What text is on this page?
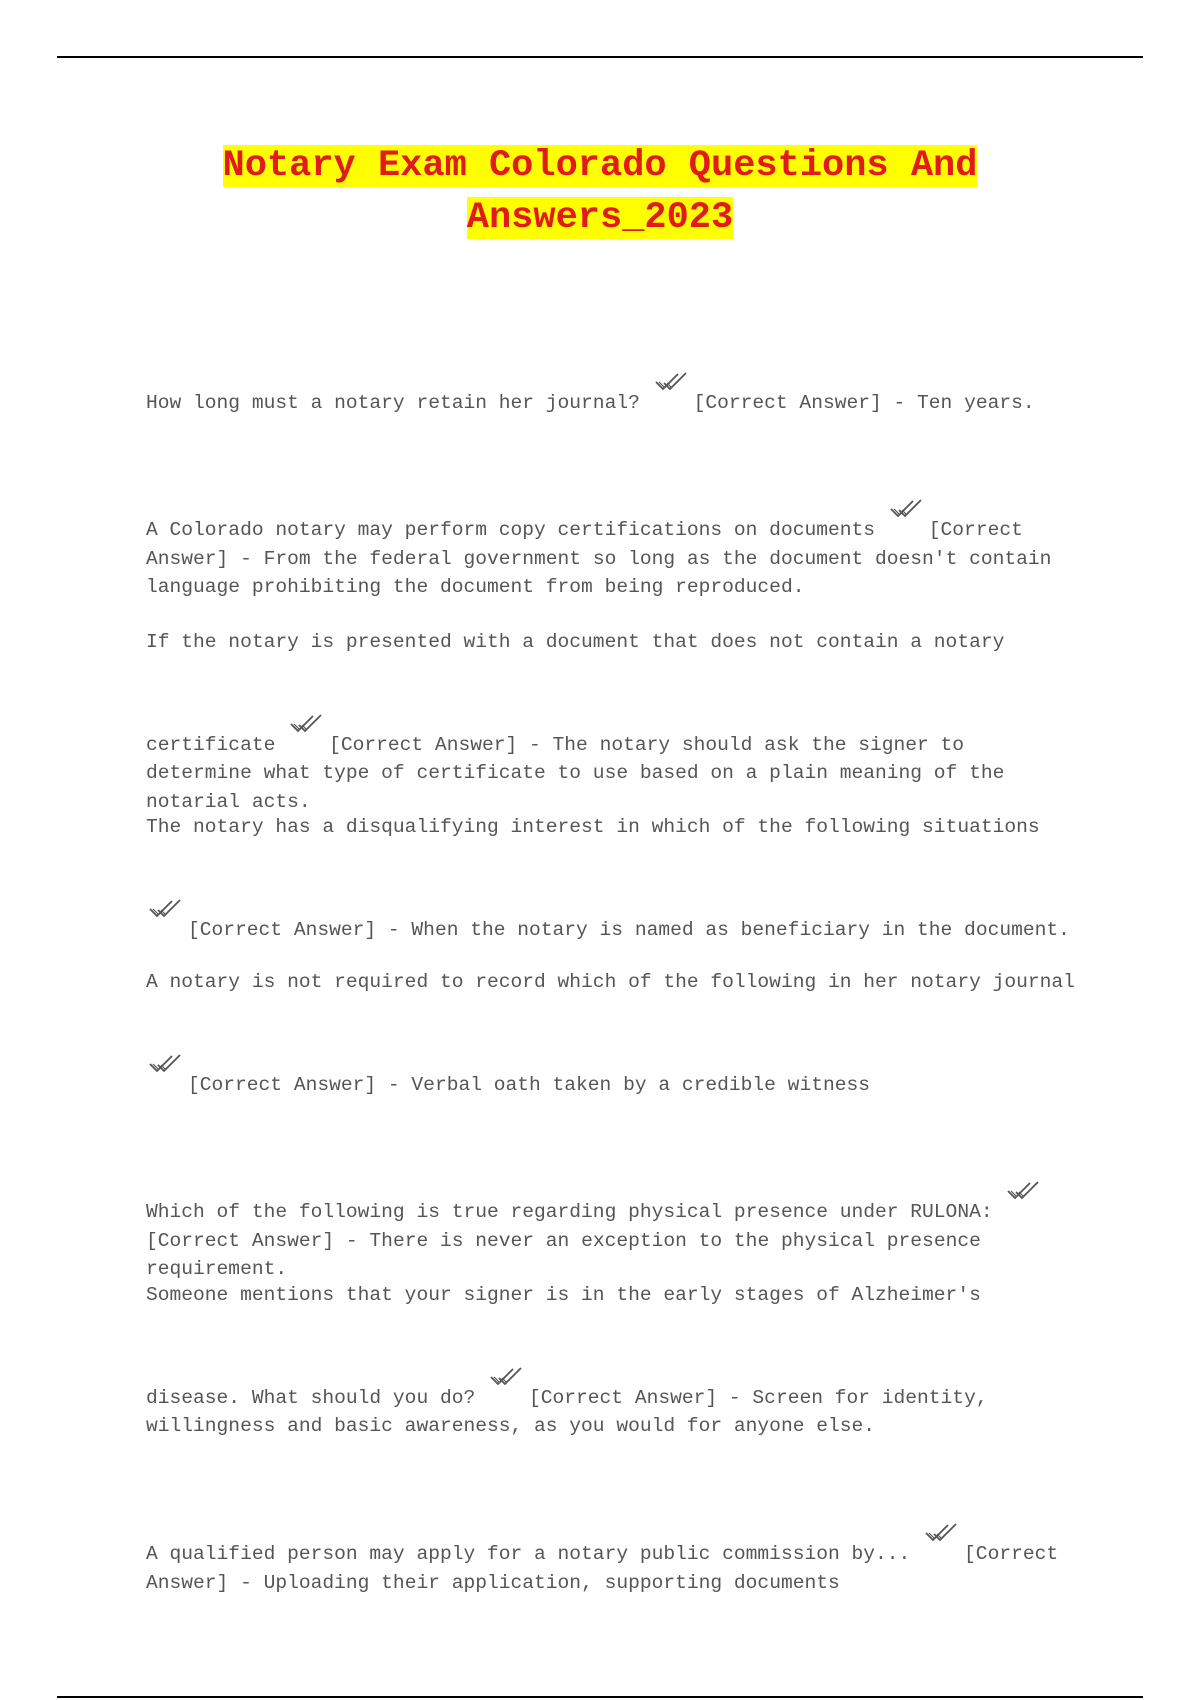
Notary Exam Colorado Questions And
Answers_2023

How long must a notary retain her journal?
	[Correct Answer] - Ten years.

A Colorado notary may perform copy certifications on documents
	[Correct Answer] - From the federal government so long as the document doesn't contain language prohibiting the document from being reproduced.

If the notary is presented with a document that does not contain a notary certificate
	[Correct Answer] - The notary should ask the signer to determine what type of certificate to use based on a plain meaning of the notarial acts.

The notary has a disqualifying interest in which of the following situations

[Correct Answer] - When the notary is named as beneficiary in the document.

A notary is not required to record which of the following in her notary journal

[Correct Answer] - Verbal oath taken by a credible witness

Which of the following is true regarding physical presence under RULONA:

[Correct Answer] - There is never an exception to the physical presence requirement.

Someone mentions that your signer is in the early stages of Alzheimer's disease. What should you do?
	[Correct Answer] - Screen for identity, willingness and basic awareness, as you would for anyone else.

A qualified person may apply for a notary public commission by...
	[Correct Answer] - Uploading their application, supporting documents
